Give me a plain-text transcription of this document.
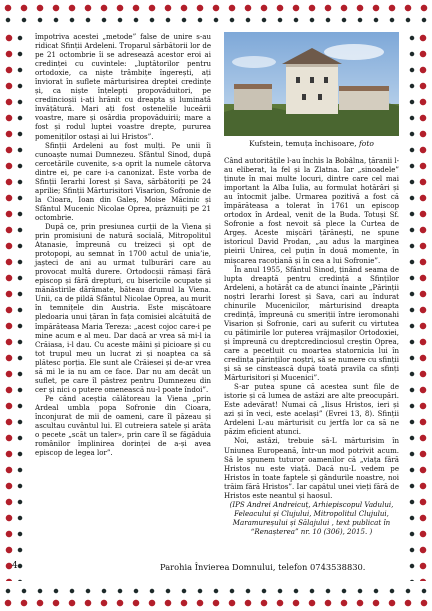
împotriva acestei „metode” false de unire s-au ridicat Sfinții Ardeleni. Troparul sărbătorii lor de pe 21 octombrie îi se adresează acestor eroi ai credinței cu cuvintele: „luptătorilor pentru ortodoxie, ca niște trâmbițe îngerești, ați înviorat în suflete mărturisirea dreptei credințe și, ca niște înțelepți propovăduitori, pe credincioșii i-ați hrănit cu dreapta și luminată învățătură. Mari ați fost ostenelile luceării voastre, mare și osârdia propovăduirii; mare a fost și rodul luptei voastre drepte, pururea pomeniților ostași ai lui Hristos”.

Sfinții Ardeleni au fost mulți. Pe unii îi cunoaște numai Dumnezeu. Sfântul Sinod, după cercetările cuvenite, s-a oprit la numele câtorva dintre ei, pe care i-a canonizat. Este vorba de Sfinții Ierarhi Iorest și Sava, sărbătoriți pe 24 aprilie; Sfinții Mărturisitori Visarion, Sofronie de la Cioara, Ioan din Galeș, Moise Măcinic și Sfântul Mucenic Nicolae Oprea, prăznuiți pe 21 octombrie.

După ce, prin presiunea curții de la Viena și prin promisiuni de natură socială, Mitropolitul Atanasie, împreună cu treizeci și opt de protopopi, au semnat în 1700 actul de unia’ie, jașteci de ani au urmat tulburări care au provocat multă durere. Ortodocșii rămași fără episcop și fără drepturi, cu bisericile ocupate și mănăstirile dărâmate, băteau drumul la Viena. Unii, ca de pildă Sfântul Nicolae Oprea, au murit în temnițele din Austria. Este mișcătoare pledoaria unui țăran în fața comisiei alcătuită de împărăteasa Maria Tereza: „acest cojoc care-i pe mine acum e al meu. Dar dacă ar vrea să mi-l ia Crăiasa, i-l dau. Cu aceste mâini și picioare și cu tot trupul meu un lucrat zi și noaptea ca să plătesc porția. Ele sunt ale Crăiesei și de-ar vrea să mi le ia nu am ce face. Dar nu am decât un suflet, pe care îl păstrez pentru Dumnezeu din cer și nici o putere omenească nu-l poate îndoi”.

Pe când aceștia călătoreau la Viena „prin Ardeal umbla popa Sofronie din Cioara, înconjurat de mii de oameni, care îl păzeau și ascultau cuvântul lui. El cutreiera satele și arăta o pecete „scăt un taler», prin care îl se făgăduia românilor împlinirea dorinței de a-și avea episcop de legea lor”.

Kufstein, temuța închisoare, foto

Când autoritățile l-au închis la Bobâlna, țăranii l-au eliberat, la fel și la Zlatna. Iar „sinoadele” ținute în mai multe locuri, dintre care cel mai important la Alba Iulia, au formulat hotărâri și au întocmit jalbe. Urmarea pozitivă a fost că împărăteasa a tolerat în 1761 un episcop ortodox în Ardeal, venit de la Buda. Totuși Sf. Sofronie a fost nevoit să plece la Curtea de Argeș. Aceste mișcări țărănești, ne spune istoricul David Prodan, „au adus la marginea pieirii Unirea, cel puțin în două momente, în mișcarea racoțiană și în cea a lui Sofronie”.

În anul 1955, Sfântul Sinod, ținând seama de lupta dreaptă pentru credință a Sfinților Ardeleni, a hotărât ca de atunci înainte „Părinții noștri Ierarhi Iorest și Sava, cari au îndurat chinurile Mucenicilor, mărturisind dreapta credință, împreună cu smeriții între ieromonahi Visarion și Sofronie, cari au suferit cu virtutea cu pătimirile lor puterea vrăjmașilor Ortodoxiei, și împreună cu dreptcredinciosul creștin Oprea, care a pecetluit cu moartea statornicia lui în credința părinților noștri, să se numere cu sfinții și să se cinstească după toată pravila ca sfinți Mărturisitori și Mucenici”.

S-ar putea spune că acestea sunt file de istorie și că lumea de astăzi are alte preocupări. Este adevărat! Numai că „Iisus Hristos, ieri și azi și în veci, este același” (Evrei 13, 8). Sfinții Ardeleni L-au mărturisit cu jertfa lor ca să ne păzim eficient atunci.

Noi, astăzi, trebuie să-L mărturisim în Uniunea Europeană, într-un mod potrivit acum. Să le spunem tuturor oamenilor că „viața fără Hristos nu este viață. Dacă nu-L vedem pe Hristos în toate faptele și gândurile noastre, noi trăim fără Hristos”. Iar capătul unei vieți fără de Hristos este neantul și haosul.

(IPS Andrei Andreicuț, Arhiepiscopul Vadului, Feleacului și Clujului, Mitropolitul Clujului, Maramureșului și Sălajului , text publicat în “Renașterea” nr. 10 (306), 2015. )

4	Parohia Învierea Domnului, telefon 0743538830.
